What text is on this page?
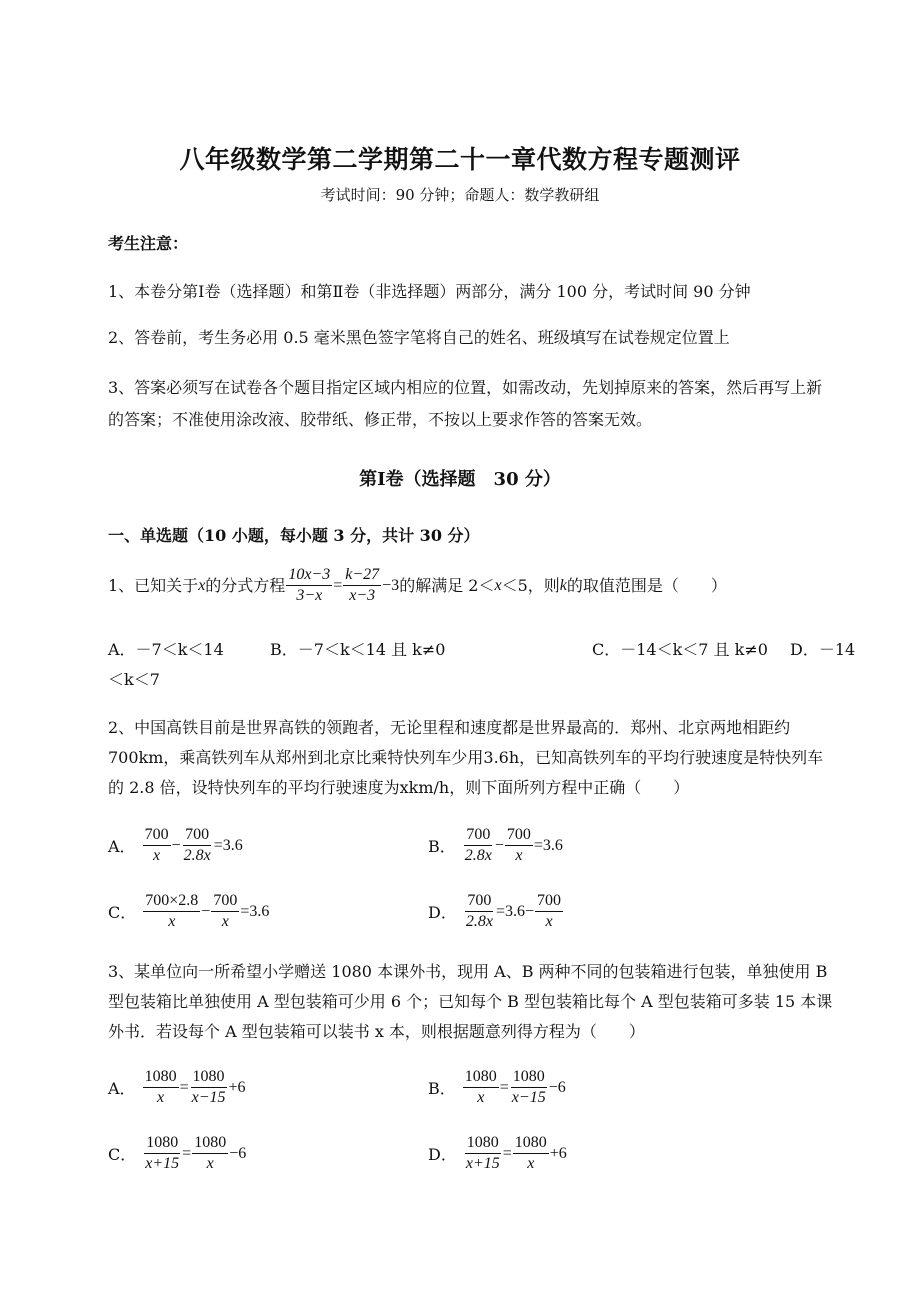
八年级数学第二学期第二十一章代数方程专题测评
考试时间：90 分钟；命题人：数学教研组
考生注意：
1、本卷分第Ⅰ卷（选择题）和第Ⅱ卷（非选择题）两部分，满分 100 分，考试时间 90 分钟
2、答卷前，考生务必用 0.5 毫米黑色签字笔将自己的姓名、班级填写在试卷规定位置上
3、答案必须写在试卷各个题目指定区域内相应的位置，如需改动，先划掉原来的答案，然后再写上新
的答案；不准使用涂改液、胶带纸、修正带，不按以上要求作答的答案无效。
第Ⅰ卷（选择题　30 分）
一、单选题（10 小题，每小题 3 分，共计 30 分）
1、已知关于 x 的分式方程 $\frac{10x-3}{3-x} = \frac{k-27}{x-3} -3$ 的解满足 2＜ x ＜5，则 k 的取值范围是（　　）
A．－7＜k＜14	B．－7＜k＜14 且 k≠0	C．－14＜k＜7 且 k≠0 D．－14
＜k＜7
2、中国高铁目前是世界高铁的领跑者，无论里程和速度都是世界最高的．郑州、北京两地相距约
700km，乘高铁列车从郑州到北京比乘特快列车少用3.6h，已知高铁列车的平均行驶速度是特快列车
的 2.8 倍，设特快列车的平均行驶速度为xkm/h，则下面所列方程中正确（　　）
A． $\frac{700}{x} - \frac{700}{2.8x} =3.6$	B． $\frac{700}{2.8x} - \frac{700}{x} =3.6$
C． $\frac{700\times 2.8}{x} - \frac{700}{x} =3.6$	D． $\frac{700}{2.8x} =3.6- \frac{700}{x}$
3、某单位向一所希望小学赠送 1080 本课外书，现用 A、B 两种不同的包装箱进行包装，单独使用 B
型包装箱比单独使用 A 型包装箱可少用 6 个；已知每个 B 型包装箱比每个 A 型包装箱可多装 15 本课
外书．若设每个 A 型包装箱可以装书 x 本，则根据题意列得方程为（　　）
A． $\frac{1080}{x} = \frac{1080}{x-15} +6$	B． $\frac{1080}{x} = \frac{1080}{x-15} -6$
C． $\frac{1080}{x+15} = \frac{1080}{x} -6$	D． $\frac{1080}{x+15} = \frac{1080}{x} +6$
